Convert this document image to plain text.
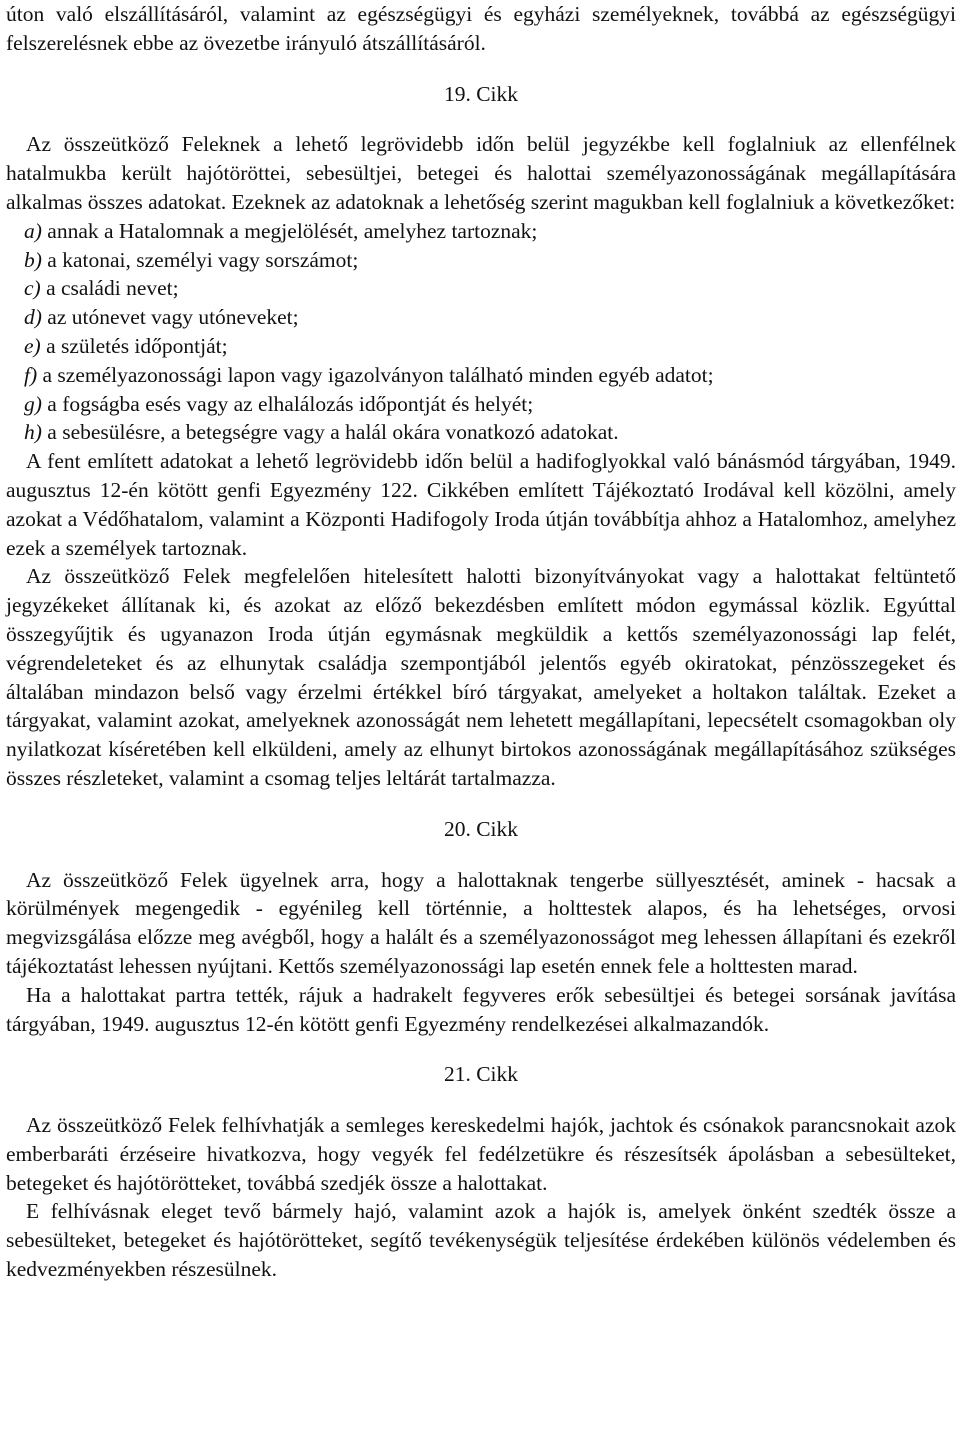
úton való elszállításáról, valamint az egészségügyi és egyházi személyeknek, továbbá az egészségügyi felszerelésnek ebbe az övezetbe irányuló átszállításáról.

19. Cikk

Az összeütköző Feleknek a lehető legrövidebb időn belül jegyzékbe kell foglalniuk az ellenfélnek hatalmukba került hajótöröttei, sebesültjei, betegei és halottai személyazonosságának megállapítására alkalmas összes adatokat. Ezeknek az adatoknak a lehetőség szerint magukban kell foglalniuk a következőket:

a) annak a Hatalomnak a megjelölését, amelyhez tartoznak;

b) a katonai, személyi vagy sorszámot;

c) a családi nevet;

d) az utónevet vagy utóneveket;

e) a születés időpontját;

f) a személyazonossági lapon vagy igazolványon található minden egyéb adatot;

g) a fogságba esés vagy az elhalálozás időpontját és helyét;

h) a sebesülésre, a betegségre vagy a halál okára vonatkozó adatokat.

A fent említett adatokat a lehető legrövidebb időn belül a hadifoglyokkal való bánásmód tárgyában, 1949. augusztus 12-én kötött genfi Egyezmény 122. Cikkében említett Tájékoztató Irodával kell közölni, amely azokat a Védőhatalom, valamint a Központi Hadifogoly Iroda útján továbbítja ahhoz a Hatalomhoz, amelyhez ezek a személyek tartoznak.

Az összeütköző Felek megfelelően hitelesített halotti bizonyítványokat vagy a halottakat feltüntető jegyzékeket állítanak ki, és azokat az előző bekezdésben említett módon egymással közlik. Egyúttal összegyűjtik és ugyanazon Iroda útján egymásnak megküldik a kettős személyazonossági lap felét, végrendeleteket és az elhunytak családja szempontjából jelentős egyéb okiratokat, pénzösszegeket és általában mindazon belső vagy érzelmi értékkel bíró tárgyakat, amelyeket a holtakon találtak. Ezeket a tárgyakat, valamint azokat, amelyeknek azonosságát nem lehetett megállapítani, lepecsételt csomagokban oly nyilatkozat kíséretében kell elküldeni, amely az elhunyt birtokos azonosságának megállapításához szükséges összes részleteket, valamint a csomag teljes leltárát tartalmazza.

20. Cikk

Az összeütköző Felek ügyelnek arra, hogy a halottaknak tengerbe süllyesztését, aminek - hacsak a körülmények megengedik - egyénileg kell történnie, a holttestek alapos, és ha lehetséges, orvosi megvizsgálása előzze meg avégből, hogy a halált és a személyazonosságot meg lehessen állapítani és ezekről tájékoztatást lehessen nyújtani. Kettős személyazonossági lap esetén ennek fele a holttesten marad.

Ha a halottakat partra tették, rájuk a hadrakelt fegyveres erők sebesültjei és betegei sorsának javítása tárgyában, 1949. augusztus 12-én kötött genfi Egyezmény rendelkezései alkalmazandók.

21. Cikk

Az összeütköző Felek felhívhatják a semleges kereskedelmi hajók, jachtok és csónakok parancsnokait azok emberbaráti érzéseire hivatkozva, hogy vegyék fel fedélzetükre és részesítsék ápolásban a sebesülteket, betegeket és hajótörötteket, továbbá szedjék össze a halottakat.

E felhívásnak eleget tevő bármely hajó, valamint azok a hajók is, amelyek önként szedték össze a sebesülteket, betegeket és hajótörötteket, segítő tevékenységük teljesítése érdekében különös védelemben és kedvezményekben részesülnek.
